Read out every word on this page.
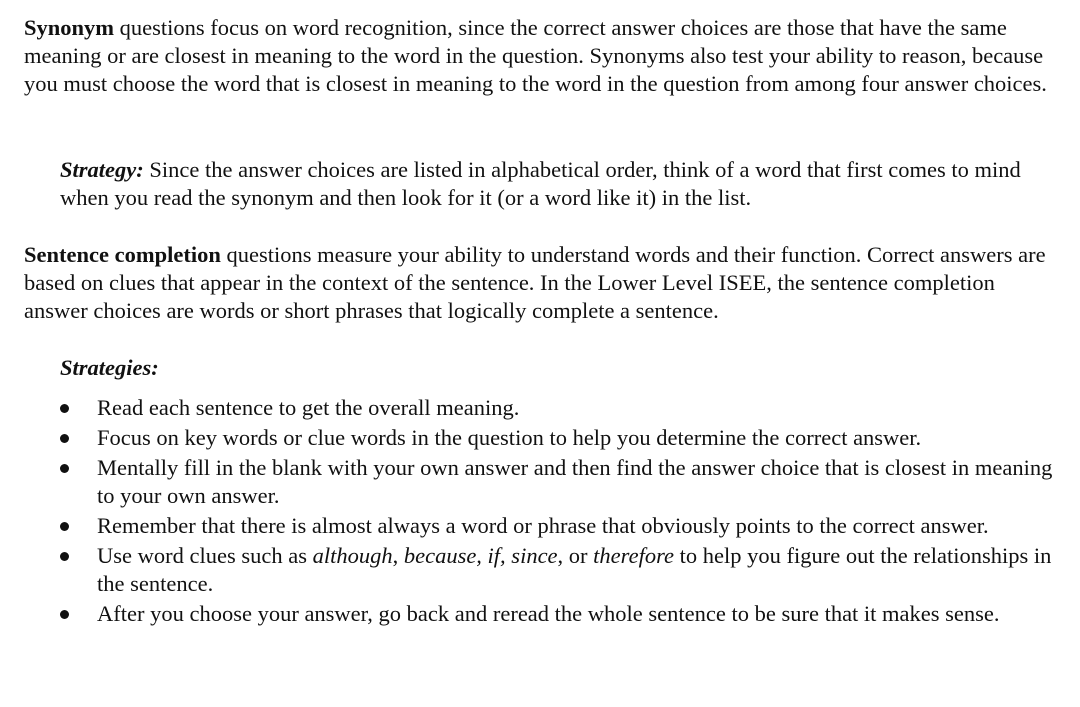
Synonym questions focus on word recognition, since the correct answer choices are those that have the same meaning or are closest in meaning to the word in the question. Synonyms also test your ability to reason, because you must choose the word that is closest in meaning to the word in the question from among four answer choices.

Strategy: Since the answer choices are listed in alphabetical order, think of a word that first comes to mind when you read the synonym and then look for it (or a word like it) in the list.

Sentence completion questions measure your ability to understand words and their function. Correct answers are based on clues that appear in the context of the sentence. In the Lower Level ISEE, the sentence completion answer choices are words or short phrases that logically complete a sentence.

Strategies:

Read each sentence to get the overall meaning.
Focus on key words or clue words in the question to help you determine the correct answer.
Mentally fill in the blank with your own answer and then find the answer choice that is closest in meaning to your own answer.
Remember that there is almost always a word or phrase that obviously points to the correct answer.
Use word clues such as although, because, if, since, or therefore to help you figure out the relationships in the sentence.
After you choose your answer, go back and reread the whole sentence to be sure that it makes sense.
